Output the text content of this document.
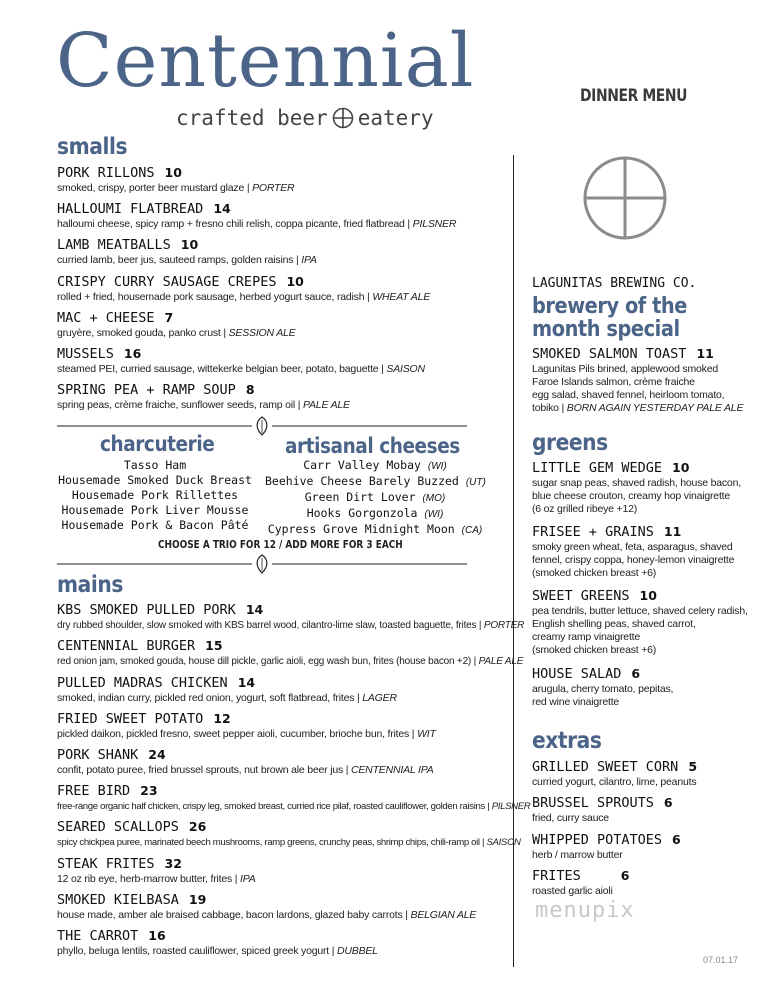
Centennial
crafted beer eatery
DINNER MENU
smalls
PORK RILLONS 10
smoked, crispy, porter beer mustard glaze | PORTER
HALLOUMI FLATBREAD 14
halloumi cheese, spicy ramp + fresno chili relish, coppa picante, fried flatbread | PILSNER
LAMB MEATBALLS 10
curried lamb, beer jus, sauteed ramps, golden raisins | IPA
CRISPY CURRY SAUSAGE CREPES 10
rolled + fried, housemade pork sausage, herbed yogurt sauce, radish | WHEAT ALE
MAC + CHEESE 7
gruyère, smoked gouda, panko crust | SESSION ALE
MUSSELS 16
steamed PEI, curried sausage, wittekerke belgian beer, potato, baguette | SAISON
SPRING PEA + RAMP SOUP 8
spring peas, crème fraiche, sunflower seeds, ramp oil | PALE ALE
charcuterie
Tasso Ham
Housemade Smoked Duck Breast
Housemade Pork Rillettes
Housemade Pork Liver Mousse
Housemade Pork & Bacon Pâté
artisanal cheeses
Carr Valley Mobay (WI)
Beehive Cheese Barely Buzzed (UT)
Green Dirt Lover (MO)
Hooks Gorgonzola (WI)
Cypress Grove Midnight Moon (CA)
CHOOSE A TRIO FOR 12 / ADD MORE FOR 3 EACH
mains
KBS SMOKED PULLED PORK 14
dry rubbed shoulder, slow smoked with KBS barrel wood, cilantro-lime slaw, toasted baguette, frites | PORTER
CENTENNIAL BURGER 15
red onion jam, smoked gouda, house dill pickle, garlic aioli, egg wash bun, frites (house bacon +2) | PALE ALE
PULLED MADRAS CHICKEN 14
smoked, indian curry, pickled red onion, yogurt, soft flatbread, frites | LAGER
FRIED SWEET POTATO 12
pickled daikon, pickled fresno, sweet pepper aioli, cucumber, brioche bun, frites | WIT
PORK SHANK 24
confit, potato puree, fried brussel sprouts, nut brown ale beer jus | CENTENNIAL IPA
FREE BIRD 23
free-range organic half chicken, crispy leg, smoked breast, curried rice pilaf, roasted cauliflower, golden raisins | PILSNER
SEARED SCALLOPS 26
spicy chickpea puree, marinated beech mushrooms, ramp greens, crunchy peas, shrimp chips, chili-ramp oil | SAISON
STEAK FRITES 32
12 oz rib eye, herb-marrow butter, frites | IPA
SMOKED KIELBASA 19
house made, amber ale braised cabbage, bacon lardons, glazed baby carrots | BELGIAN ALE
THE CARROT 16
phyllo, beluga lentils, roasted cauliflower, spiced greek yogurt | DUBBEL
LAGUNITAS BREWING CO.
brewery of the
month special
SMOKED SALMON TOAST 11
Lagunitas Pils brined, applewood smoked
Faroe Islands salmon, crème fraiche
egg salad, shaved fennel, heirloom tomato,
tobiko | BORN AGAIN YESTERDAY PALE ALE
greens
LITTLE GEM WEDGE 10
sugar snap peas, shaved radish, house bacon,
blue cheese crouton, creamy hop vinaigrette
(6 oz grilled ribeye +12)
FRISEE + GRAINS 11
smoky green wheat, feta, asparagus, shaved
fennel, crispy coppa, honey-lemon vinaigrette
(smoked chicken breast +6)
SWEET GREENS 10
pea tendrils, butter lettuce, shaved celery radish,
English shelling peas, shaved carrot,
creamy ramp vinaigrette
(smoked chicken breast +6)
HOUSE SALAD 6
arugula, cherry tomato, pepitas,
red wine vinaigrette
extras
GRILLED SWEET CORN 5
curried yogurt, cilantro, lime, peanuts
BRUSSEL SPROUTS 6
fried, curry sauce
WHIPPED POTATOES 6
herb / marrow butter
FRITES	6
roasted garlic aioli
menupix
07.01.17
